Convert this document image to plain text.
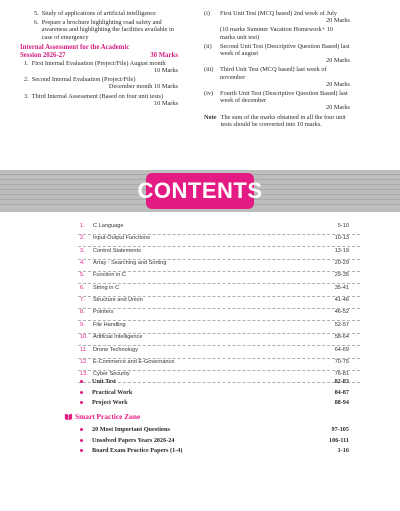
5. Study of applications of artificial intelligence
6. Prepare a brochure highlighting road safety and awareness and highlighting the facilities available in case of emergency
Internal Assessment for the Academic Session 2026-27	30 Marks
1. First Internal Evaluation (Project/File) August month
10 Marks
2. Second Internal Evaluation (Project/File)
December month 10 Marks
3. Third Internal Assessment (Based on four unit tests)
10 Marks
(i)	First Unit Test (MCQ based) 2nd week of July
20 Marks
(10 marks Summer Vacation Homework+ 10 marks unit test)
(ii)	Second Unit Test (Descriptive Question Based) last week of august
20 Marks
(iii)	Third Unit Test (MCQ based) last week of november
20 Marks
(iv)	Fourth Unit Test (Descriptive Question Based) last week of december
20 Marks
Note The sum of the marks obtained in all the four unit tests should be converted into 10 marks.
CONTENTS
1. C Language	5-10
2. Input-Output Functions	10-13
3. Control Statements	13-19
4. Array : Searching and Sorting	20-29
5. Function in C	29-35
6. String in C	35-41
7. Structure and Union	41-46
8. Pointers	46-52
9. File Handling	52-57
10. Artificial Intelligence	58-64
11. Drone Technology	64-69
12. E-Commerce and E-Governance	70-75
13. Cyber Security	76-81
Unit Test	82-83
Practical Work	84-87
Project Work	88-94
Smart Practice Zone
20 Most Important Questions	97-105
Unsolved Papers Years 2026-24	106-111
Board Exam Practice Papers (1-4)	1-16
